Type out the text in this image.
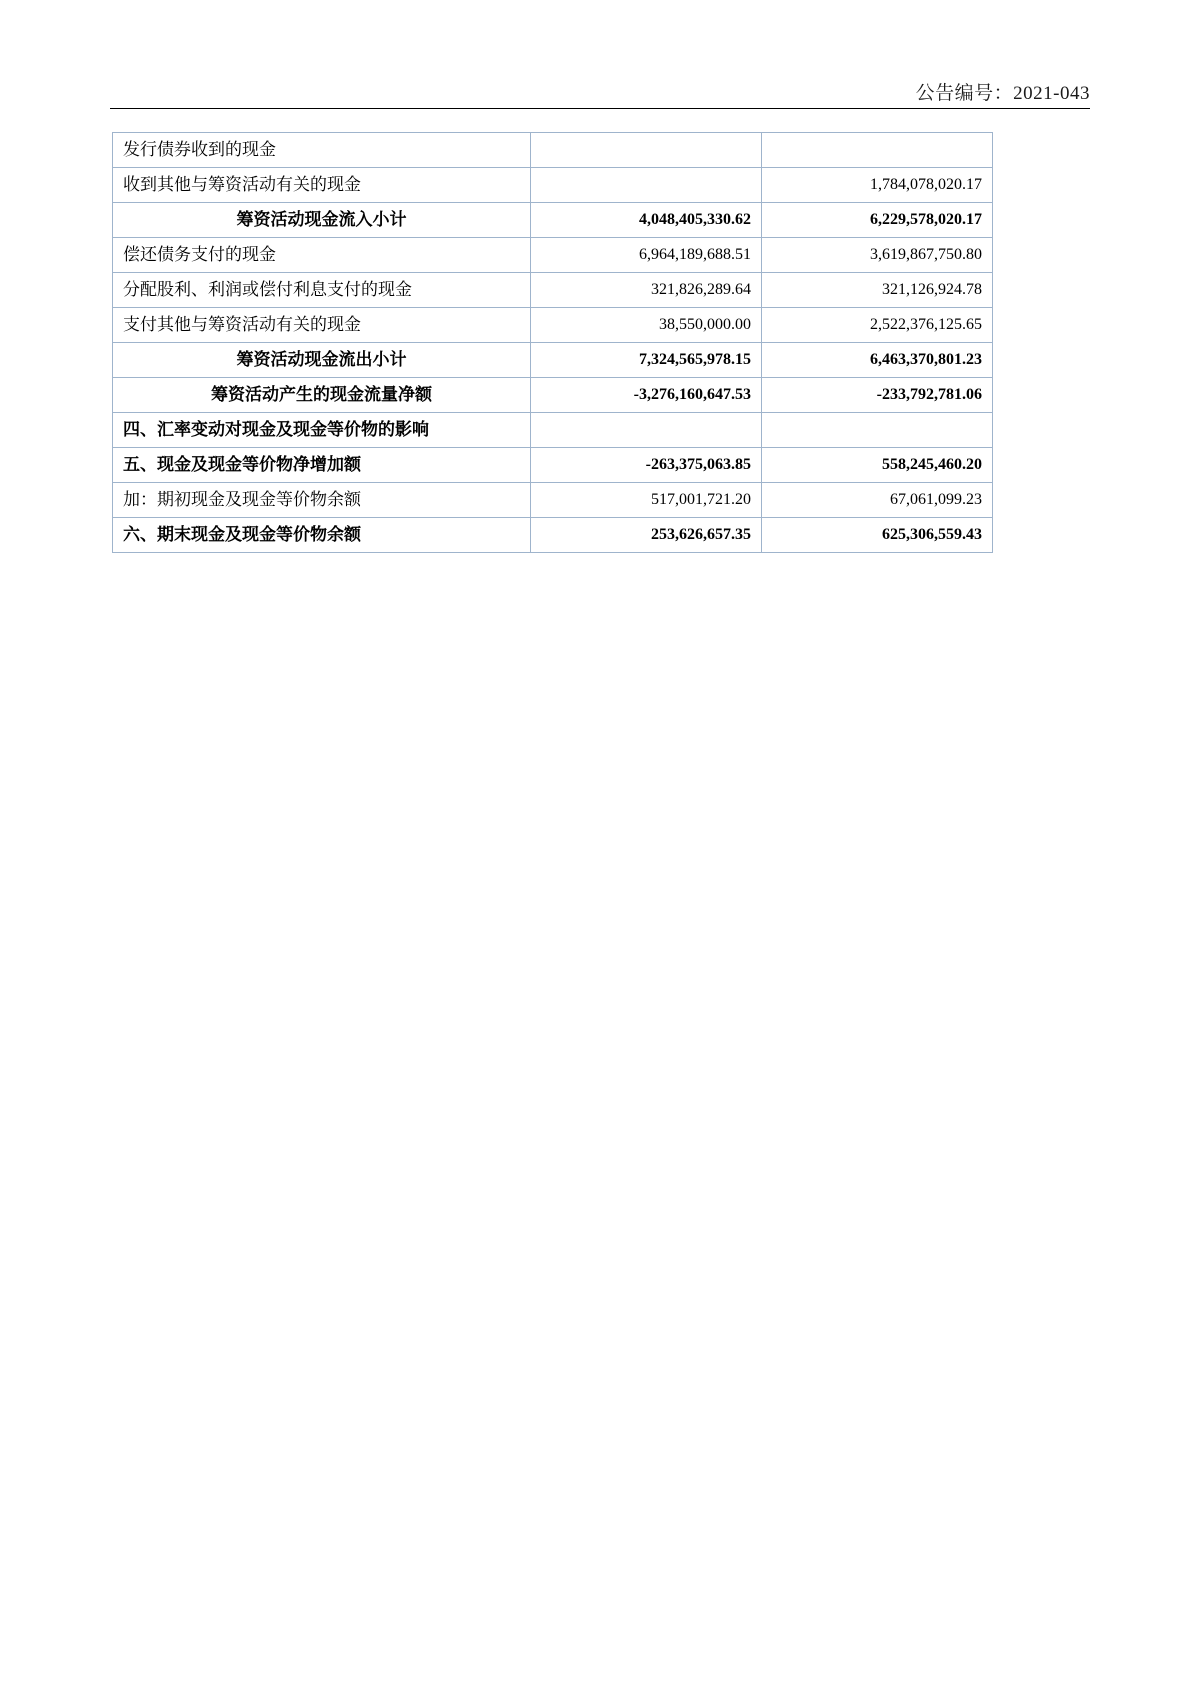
公告编号：2021-043
发行债券收到的现金		
收到其他与筹资活动有关的现金		1,784,078,020.17
筹资活动现金流入小计	4,048,405,330.62	6,229,578,020.17
偿还债务支付的现金	6,964,189,688.51	3,619,867,750.80
分配股利、利润或偿付利息支付的现金	321,826,289.64	321,126,924.78
支付其他与筹资活动有关的现金	38,550,000.00	2,522,376,125.65
筹资活动现金流出小计	7,324,565,978.15	6,463,370,801.23
筹资活动产生的现金流量净额	-3,276,160,647.53	-233,792,781.06
四、汇率变动对现金及现金等价物的影响		
五、现金及现金等价物净增加额	-263,375,063.85	558,245,460.20
加：期初现金及现金等价物余额	517,001,721.20	67,061,099.23
六、期末现金及现金等价物余额	253,626,657.35	625,306,559.43
